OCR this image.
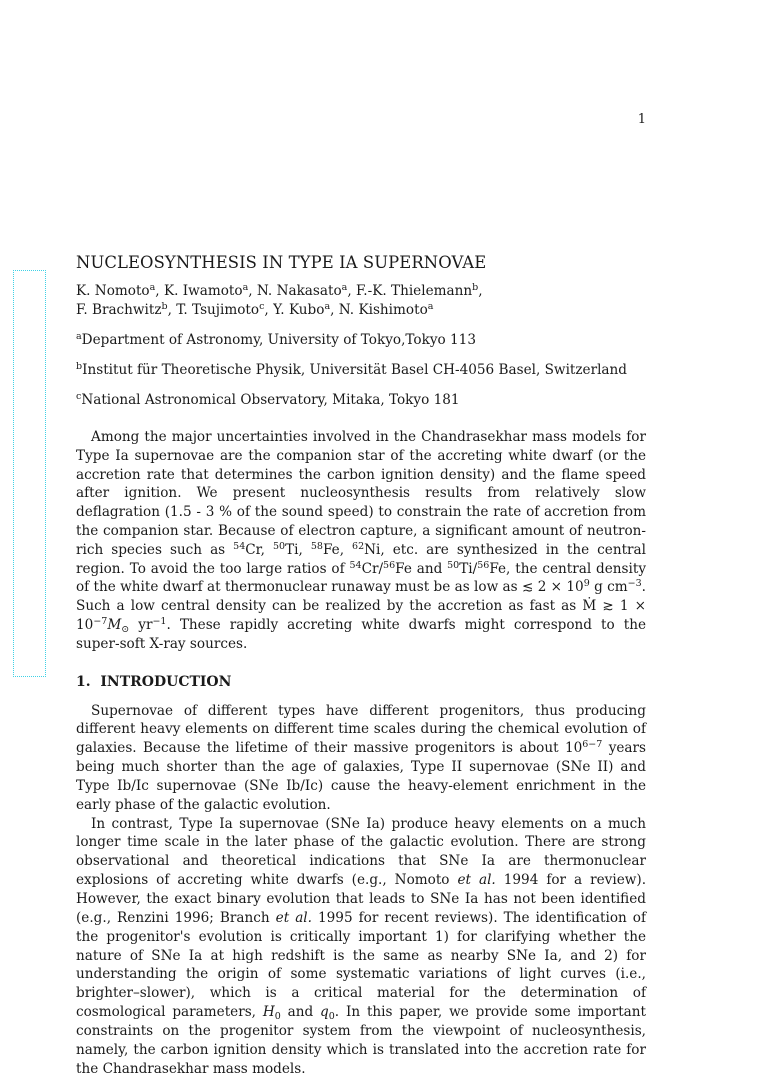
1
NUCLEOSYNTHESIS IN TYPE IA SUPERNOVAE
K. Nomoto$^a$, K. Iwamoto$^a$, N. Nakasato$^a$, F.-K. Thielemann$^b$,
F. Brachwitz$^b$, T. Tsujimoto$^c$, Y. Kubo$^a$, N. Kishimoto$^a$
$^a$Department of Astronomy, University of Tokyo,Tokyo 113
$^b$Institut für Theoretische Physik, Universität Basel CH-4056 Basel, Switzerland
$^c$National Astronomical Observatory, Mitaka, Tokyo 181

Among the major uncertainties involved in the Chandrasekhar mass models for Type Ia supernovae are the companion star of the accreting white dwarf (or the accretion rate that determines the carbon ignition density) and the flame speed after ignition. We present nucleosynthesis results from relatively slow deflagration (1.5 - 3 % of the sound speed) to constrain the rate of accretion from the companion star. Because of electron capture, a significant amount of neutron-rich species such as $^{54}$Cr, $^{50}$Ti, $^{58}$Fe, $^{62}$Ni, etc. are synthesized in the central region. To avoid the too large ratios of $^{54}$Cr/$^{56}$Fe and $^{50}$Ti/$^{56}$Fe, the central density of the white dwarf at thermonuclear runaway must be as low as ≲ $2 \times 10^9$ g $cm^{-3}$. Such a low central density can be realized by the accretion as fast as Ṁ ≳ $1 \times 10^{-7}M_⊙$ $yr^{-1}$. These rapidly accreting white dwarfs might correspond to the super-soft X-ray sources.

1. INTRODUCTION

Supernovae of different types have different progenitors, thus producing different heavy elements on different time scales during the chemical evolution of galaxies. Because the lifetime of their massive progenitors is about $10^{6-7}$ years being much shorter than the age of galaxies, Type II supernovae (SNe II) and Type Ib/Ic supernovae (SNe Ib/Ic) cause the heavy-element enrichment in the early phase of the galactic evolution.

In contrast, Type Ia supernovae (SNe Ia) produce heavy elements on a much longer time scale in the later phase of the galactic evolution. There are strong observational and theoretical indications that SNe Ia are thermonuclear explosions of accreting white dwarfs (e.g., Nomoto et al. 1994 for a review). However, the exact binary evolution that leads to SNe Ia has not been identified (e.g., Renzini 1996; Branch et al. 1995 for recent reviews). The identification of the progenitor's evolution is critically important 1) for clarifying whether the nature of SNe Ia at high redshift is the same as nearby SNe Ia, and 2) for understanding the origin of some systematic variations of light curves (i.e., brighter–slower), which is a critical material for the determination of cosmological parameters, $H_0$ and $q_0$. In this paper, we provide some important constraints on the progenitor system from the viewpoint of nucleosynthesis, namely, the carbon ignition density which is translated into the accretion rate for the Chandrasekhar mass models.
